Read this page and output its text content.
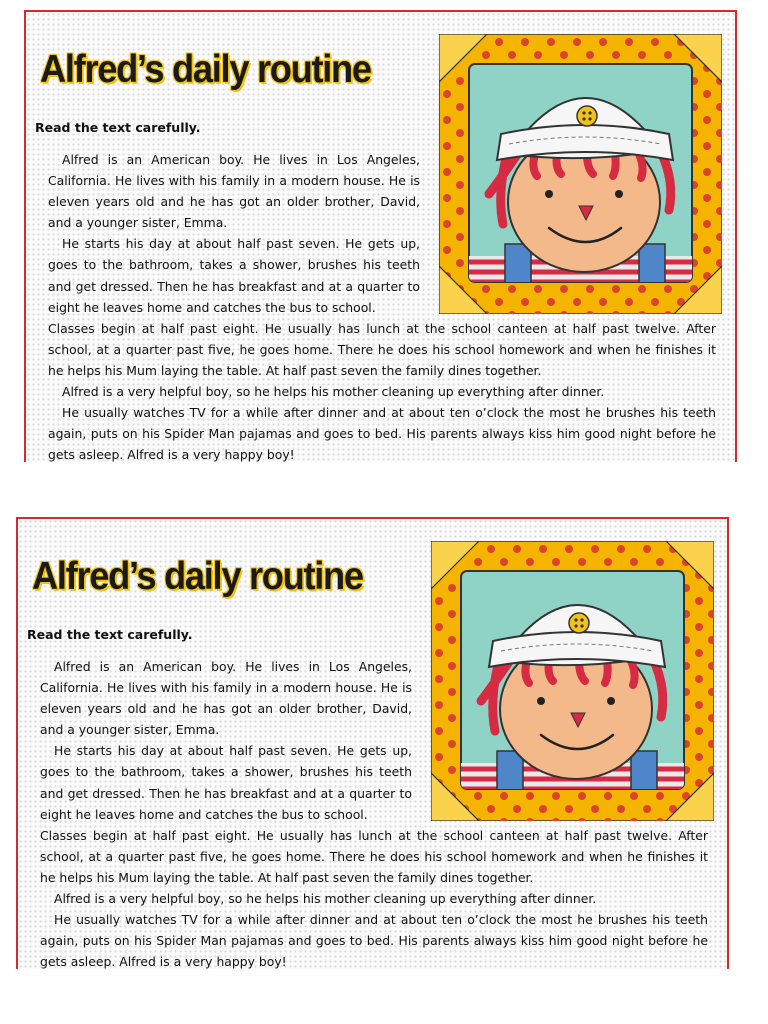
Alfred’s daily routine
Read the text carefully.

Alfred is an American boy. He lives in Los Angeles, California. He lives with his family in a modern house. He is eleven years old and he has got an older brother, David, and a younger sister, Emma.

He starts his day at about half past seven. He gets up, goes to the bathroom, takes a shower, brushes his teeth and get dressed. Then he has breakfast and at a quarter to eight he leaves home and catches the bus to school.

Classes begin at half past eight. He usually has lunch at the school canteen at half past twelve. After school, at a quarter past five, he goes home. There he does his school homework and when he finishes it he helps his Mum laying the table. At half past seven the family dines together.

Alfred is a very helpful boy, so he helps his mother cleaning up everything after dinner.

He usually watches TV for a while after dinner and at about ten o’clock the most he brushes his teeth again, puts on his Spider Man pajamas and goes to bed. His parents always kiss him good night before he gets asleep. Alfred is a very happy boy!

Alfred’s daily routine
Read the text carefully.

Alfred is an American boy. He lives in Los Angeles, California. He lives with his family in a modern house. He is eleven years old and he has got an older brother, David, and a younger sister, Emma.

He starts his day at about half past seven. He gets up, goes to the bathroom, takes a shower, brushes his teeth and get dressed. Then he has breakfast and at a quarter to eight he leaves home and catches the bus to school.

Classes begin at half past eight. He usually has lunch at the school canteen at half past twelve. After school, at a quarter past five, he goes home. There he does his school homework and when he finishes it he helps his Mum laying the table. At half past seven the family dines together.

Alfred is a very helpful boy, so he helps his mother cleaning up everything after dinner.

He usually watches TV for a while after dinner and at about ten o’clock the most he brushes his teeth again, puts on his Spider Man pajamas and goes to bed. His parents always kiss him good night before he gets asleep. Alfred is a very happy boy!
